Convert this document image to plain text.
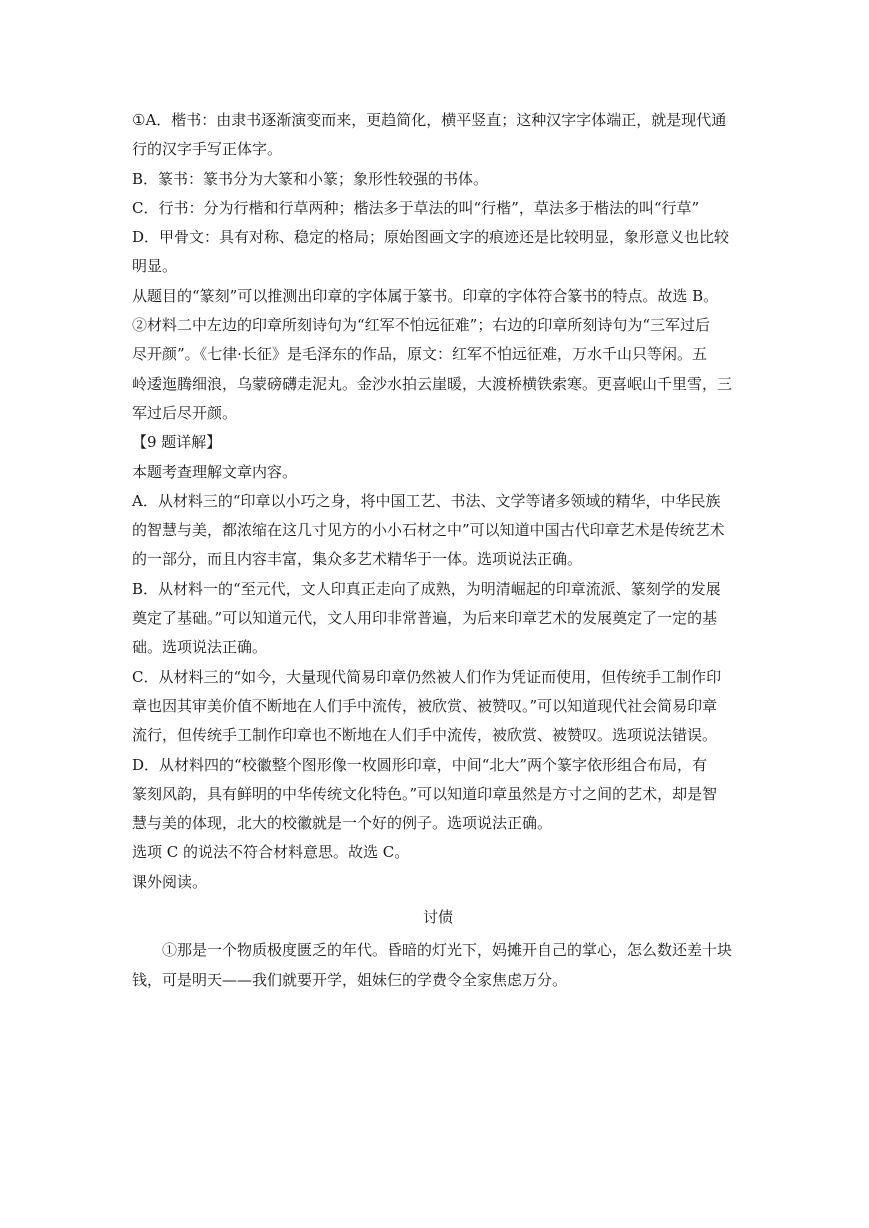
①A．楷书：由隶书逐渐演变而来，更趋简化，横平竖直；这种汉字字体端正，就是现代通
行的汉字手写正体字。
B．篆书：篆书分为大篆和小篆；象形性较强的书体。
C．行书：分为行楷和行草两种；楷法多于草法的叫“行楷”，草法多于楷法的叫“行草”
D．甲骨文：具有对称、稳定的格局；原始图画文字的痕迹还是比较明显，象形意义也比较
明显。
从题目的“篆刻”可以推测出印章的字体属于篆书。印章的字体符合篆书的特点。故选 B。
②材料二中左边的印章所刻诗句为“红军不怕远征难”；右边的印章所刻诗句为“三军过后
尽开颜”。《七律·长征》是毛泽东的作品，原文：红军不怕远征难，万水千山只等闲。五
岭逶迤腾细浪，乌蒙磅礴走泥丸。金沙水拍云崖暖，大渡桥横铁索寒。更喜岷山千里雪，三
军过后尽开颜。
【9 题详解】
本题考查理解文章内容。
A．从材料三的“印章以小巧之身，将中国工艺、书法、文学等诸多领域的精华，中华民族
的智慧与美，都浓缩在这几寸见方的小小石材之中”可以知道中国古代印章艺术是传统艺术
的一部分，而且内容丰富，集众多艺术精华于一体。选项说法正确。
B．从材料一的“至元代，文人印真正走向了成熟，为明清崛起的印章流派、篆刻学的发展
奠定了基础。”可以知道元代，文人用印非常普遍，为后来印章艺术的发展奠定了一定的基
础。选项说法正确。
C．从材料三的“如今，大量现代简易印章仍然被人们作为凭证而使用，但传统手工制作印
章也因其审美价值不断地在人们手中流传，被欣赏、被赞叹。”可以知道现代社会简易印章
流行，但传统手工制作印章也不断地在人们手中流传，被欣赏、被赞叹。选项说法错误。
D．从材料四的“校徽整个图形像一枚圆形印章，中间“北大”两个篆字依形组合布局，有
篆刻风韵，具有鲜明的中华传统文化特色。”可以知道印章虽然是方寸之间的艺术，却是智
慧与美的体现，北大的校徽就是一个好的例子。选项说法正确。
选项 C 的说法不符合材料意思。故选 C。
课外阅读。
讨债
①那是一个物质极度匮乏的年代。昏暗的灯光下，妈摊开自己的掌心，怎么数还差十块
钱，可是明天——我们就要开学，姐妹仨的学费令全家焦虑万分。
